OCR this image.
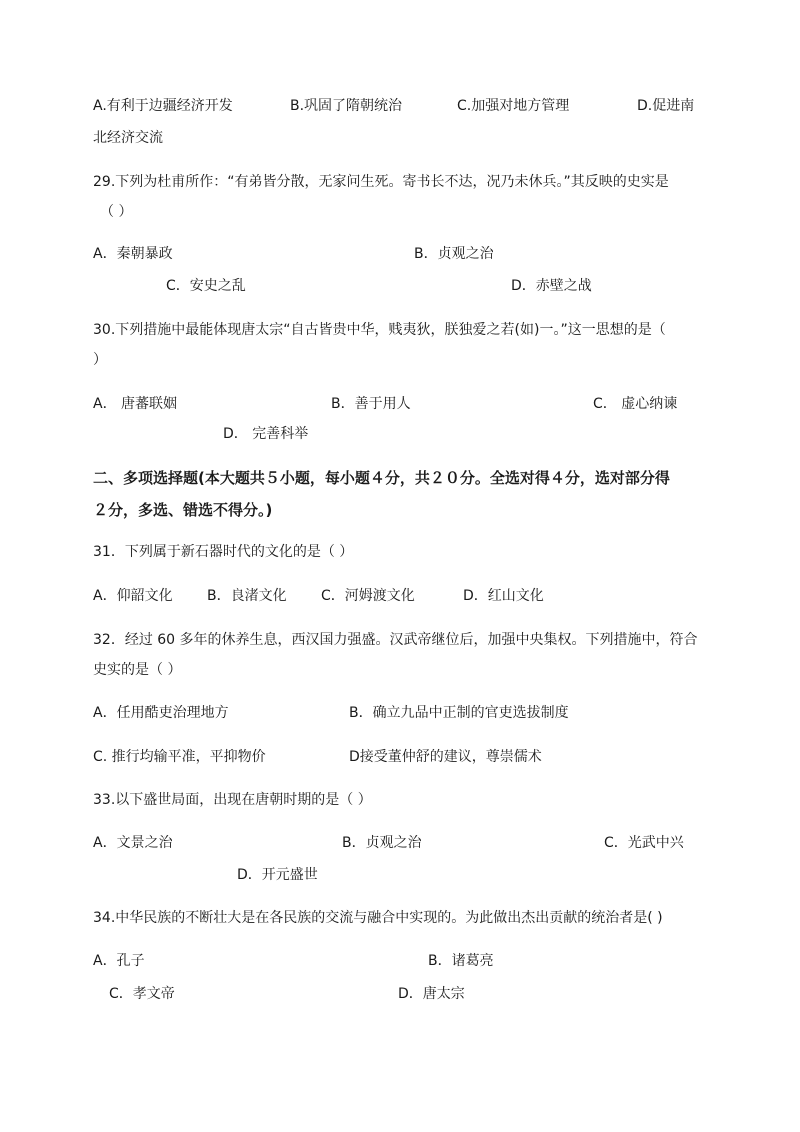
A.有利于边疆经济开发	B.巩固了隋朝统治	C.加强对地方管理	D.促进南
北经济交流
29.下列为杜甫所作：“有弟皆分散，无家问生死。寄书长不达，况乃未休兵。”其反映的史实是
（ ）
A．秦朝暴政	B．贞观之治
C．安史之乱	D．赤壁之战
30.下列措施中最能体现唐太宗“自古皆贵中华，贱夷狄，朕独爱之若(如)一。”这一思想的是（
）
A． 唐蕃联姻	B．善于用人	C． 虚心纳谏
D． 完善科举
二、多项选择题(本大题共５小题，每小题４分，共２０分。全选对得４分，选对部分得
２分，多选、错选不得分。)
31．下列属于新石器时代的文化的是（ ）
A．仰韶文化 B．良渚文化 C．河姆渡文化	D．红山文化
32．经过 60 多年的休养生息，西汉国力强盛。汉武帝继位后，加强中央集权。下列措施中，符合
史实的是（ ）
A．任用酷吏治理地方	B．确立九品中正制的官吏选拔制度
C. 推行均输平准，平抑物价	D接受董仲舒的建议，尊崇儒术
33.以下盛世局面，出现在唐朝时期的是（ ）
A．文景之治	B．贞观之治	C．光武中兴
D．开元盛世
34.中华民族的不断壮大是在各民族的交流与融合中实现的。为此做出杰出贡献的统治者是( )
A．孔子	B．诸葛亮
C．孝文帝	D．唐太宗
